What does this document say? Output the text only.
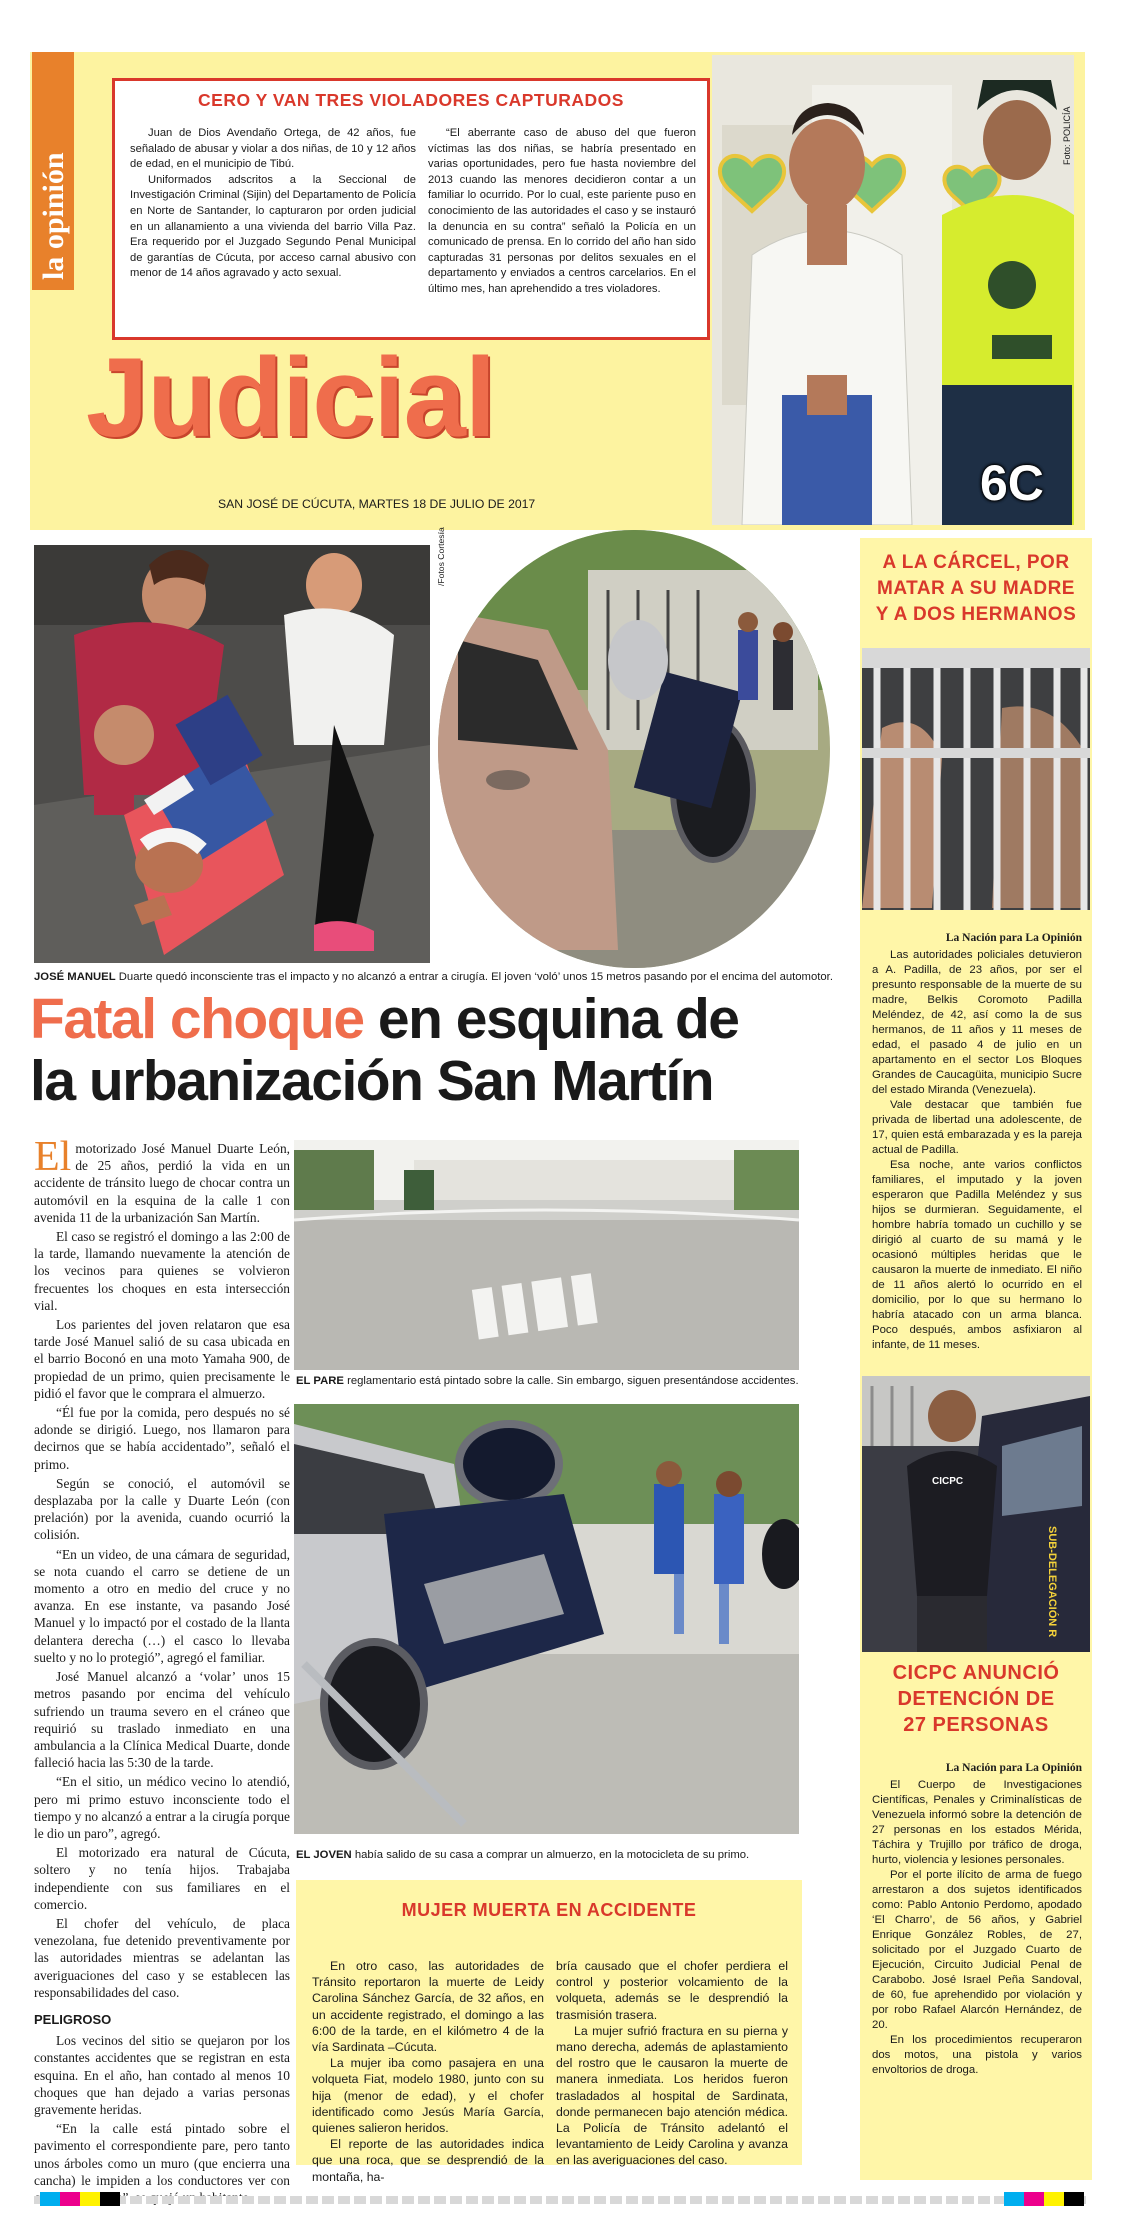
la opinión
CERO Y VAN TRES VIOLADORES CAPTURADOS

Juan de Dios Avendaño Ortega, de 42 años, fue señalado de abusar y violar a dos niñas, de 10 y 12 años de edad, en el municipio de Tibú.

Uniformados adscritos a la Seccional de Investigación Criminal (Sijin) del Departamento de Policía en Norte de Santander, lo capturaron por orden judicial en un allanamiento a una vivienda del barrio Villa Paz. Era requerido por el Juzgado Segundo Penal Municipal de garantías de Cúcuta, por acceso carnal abusivo con menor de 14 años agravado y acto sexual.

“El aberrante caso de abuso del que fueron víctimas las dos niñas, se habría presentado en varias oportunidades, pero fue hasta noviembre del 2013 cuando las menores decidieron contar a un familiar lo ocurrido. Por lo cual, este pariente puso en conocimiento de las autoridades el caso y se instauró la denuncia en su contra” señaló la Policía en un comunicado de prensa. En lo corrido del año han sido capturadas 31 personas por delitos sexuales en el departamento y enviados a centros carcelarios. En el último mes, han aprehendido a tres violadores.

Judicial
SAN JOSÉ DE CÚCUTA, MARTES 18 DE JULIO DE 2017
Foto: POLICÍA
6C
/Fotos Cortesía
JOSÉ MANUEL Duarte quedó inconsciente tras el impacto y no alcanzó a entrar a cirugía. El joven ‘voló’ unos 15 metros pasando por el encima del automotor.
Fatal choque en esquina de
la urbanización San Martín

El motorizado José Manuel Duarte León, de 25 años, perdió la vida en un accidente de tránsito luego de chocar contra un automóvil en la esquina de la calle 1 con avenida 11 de la urbanización San Martín.

El caso se registró el domingo a las 2:00 de la tarde, llamando nuevamente la atención de los vecinos para quienes se volvieron frecuentes los choques en esta intersección vial.

Los parientes del joven relataron que esa tarde José Manuel salió de su casa ubicada en el barrio Boconó en una moto Yamaha 900, de propiedad de un primo, quien precisamente le pidió el favor que le comprara el almuerzo.

“Él fue por la comida, pero después no sé adonde se dirigió. Luego, nos llamaron para decirnos que se había accidentado”, señaló el primo.

Según se conoció, el automóvil se desplazaba por la calle y Duarte León (con prelación) por la avenida, cuando ocurrió la colisión.

“En un video, de una cámara de seguridad, se nota cuando el carro se detiene de un momento a otro en medio del cruce y no avanza. En ese instante, va pasando José Manuel y lo impactó por el costado de la llanta delantera derecha (…) el casco lo llevaba suelto y no lo protegió”, agregó el familiar.

José Manuel alcanzó a ‘volar’ unos 15 metros pasando por encima del vehículo sufriendo un trauma severo en el cráneo que requirió su traslado inmediato en una ambulancia a la Clínica Medical Duarte, donde falleció hacia las 5:30 de la tarde.

“En el sitio, un médico vecino lo atendió, pero mi primo estuvo inconsciente todo el tiempo y no alcanzó a entrar a la cirugía porque le dio un paro”, agregó.

El motorizado era natural de Cúcuta, soltero y no tenía hijos. Trabajaba independiente con sus familiares en el comercio.

El chofer del vehículo, de placa venezolana, fue detenido preventivamente por las autoridades mientras se adelantan las averiguaciones del caso y se establecen las responsabilidades del caso.

PELIGROSO

Los vecinos del sitio se quejaron por los constantes accidentes que se registran en esta esquina. En el año, han contado al menos 10 choques que han dejado a varias personas gravemente heridas.

“En la calle está pintado sobre el pavimento el correspondiente pare, pero tanto unos árboles como un muro (que encierra una cancha) le impiden a los conductores ver con

EL PARE reglamentario está pintado sobre la calle. Sin embargo, siguen presentándose accidentes.
EL JOVEN había salido de su casa a comprar un almuerzo, en la motocicleta de su primo.
MUJER MUERTA EN ACCIDENTE

En otro caso, las autoridades de Tránsito reportaron la muerte de Leidy Carolina Sánchez García, de 32 años, en un accidente registrado, el domingo a las 6:00 de la tarde, en el kilómetro 4 de la vía Sardinata –Cúcuta.

La mujer iba como pasajera en una volqueta Fiat, modelo 1980, junto con su hija (menor de edad), y el chofer identificado como Jesús María García, quienes salieron heridos.

El reporte de las autoridades indica que una roca, que se desprendió de la montaña, ha-

bría causado que el chofer perdiera el control y posterior volcamiento de la volqueta, además se le desprendió la trasmisión trasera.

La mujer sufrió fractura en su pierna y mano derecha, además de aplastamiento del rostro que le causaron la muerte de manera inmediata. Los heridos fueron trasladados al hospital de Sardinata, donde permanecen bajo atención médica. La Policía de Tránsito adelantó el levantamiento de Leidy Carolina y avanza en las averiguaciones del caso.

A LA CÁRCEL, POR
MATAR A SU MADRE
Y A DOS HERMANOS
La Nación para La Opinión

Las autoridades policiales detuvieron a A. Padilla, de 23 años, por ser el presunto responsable de la muerte de su madre, Belkis Coromoto Padilla Meléndez, de 42, así como la de sus hermanos, de 11 años y 11 meses de edad, el pasado 4 de julio en un apartamento en el sector Los Bloques Grandes de Caucagüita, municipio Sucre del estado Miranda (Venezuela).

Vale destacar que también fue privada de libertad una adolescente, de 17, quien está embarazada y es la pareja actual de Padilla.

Esa noche, ante varios conflictos familiares, el imputado y la joven esperaron que Padilla Meléndez y sus hijos se durmieran. Seguidamente, el hombre habría tomado un cuchillo y se dirigió al cuarto de su mamá y le ocasionó múltiples heridas que le causaron la muerte de inmediato. El niño de 11 años alertó lo ocurrido en el domicilio, por lo que su hermano lo habría atacado con un arma blanca. Poco después, ambos asfixiaron al infante, de 11 meses.

CICPC
SUB-DELEGACIÓN R
CICPC ANUNCIÓ
DETENCIÓN DE
27 PERSONAS
La Nación para La Opinión

El Cuerpo de Investigaciones Científicas, Penales y Criminalísticas de Venezuela informó sobre la detención de 27 personas en los estados Mérida, Táchira y Trujillo por tráfico de droga, hurto, violencia y lesiones personales.

Por el porte ilícito de arma de fuego arrestaron a dos sujetos identificados como: Pablo Antonio Perdomo, apodado ‘El Charro’, de 56 años, y Gabriel Enrique González Robles, de 27, solicitado por el Juzgado Cuarto de Ejecución, Circuito Judicial Penal de Carabobo. José Israel Peña Sandoval, de 60, fue aprehendido por violación y por robo Rafael Alarcón Hernández, de 20.

En los procedimientos recuperaron dos motos, una pistola y varios envoltorios de droga.
